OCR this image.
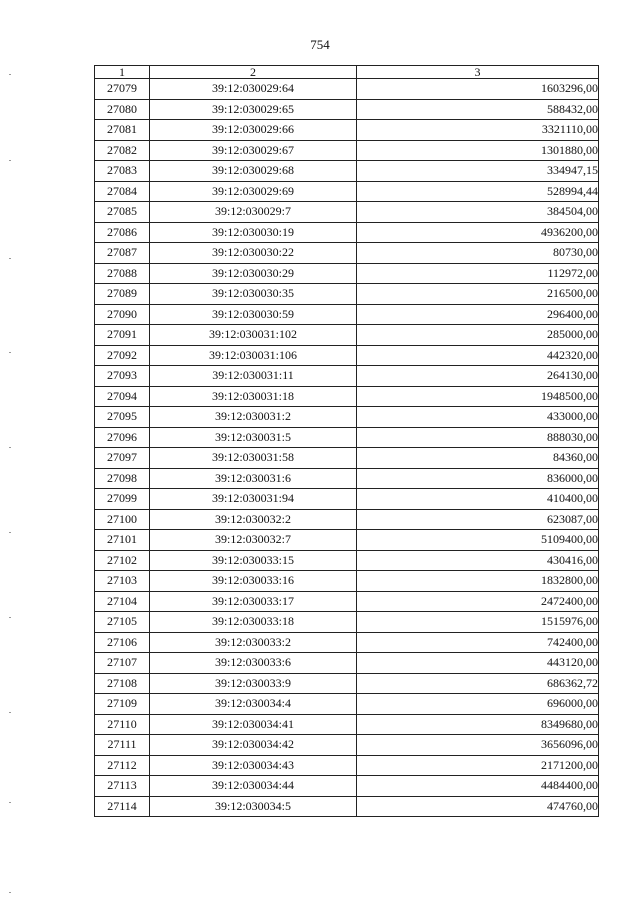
754
1	2	3
27079	39:12:030029:64	1603296,00
27080	39:12:030029:65	588432,00
27081	39:12:030029:66	3321110,00
27082	39:12:030029:67	1301880,00
27083	39:12:030029:68	334947,15
27084	39:12:030029:69	528994,44
27085	39:12:030029:7	384504,00
27086	39:12:030030:19	4936200,00
27087	39:12:030030:22	80730,00
27088	39:12:030030:29	112972,00
27089	39:12:030030:35	216500,00
27090	39:12:030030:59	296400,00
27091	39:12:030031:102	285000,00
27092	39:12:030031:106	442320,00
27093	39:12:030031:11	264130,00
27094	39:12:030031:18	1948500,00
27095	39:12:030031:2	433000,00
27096	39:12:030031:5	888030,00
27097	39:12:030031:58	84360,00
27098	39:12:030031:6	836000,00
27099	39:12:030031:94	410400,00
27100	39:12:030032:2	623087,00
27101	39:12:030032:7	5109400,00
27102	39:12:030033:15	430416,00
27103	39:12:030033:16	1832800,00
27104	39:12:030033:17	2472400,00
27105	39:12:030033:18	1515976,00
27106	39:12:030033:2	742400,00
27107	39:12:030033:6	443120,00
27108	39:12:030033:9	686362,72
27109	39:12:030034:4	696000,00
27110	39:12:030034:41	8349680,00
27111	39:12:030034:42	3656096,00
27112	39:12:030034:43	2171200,00
27113	39:12:030034:44	4484400,00
27114	39:12:030034:5	474760,00
